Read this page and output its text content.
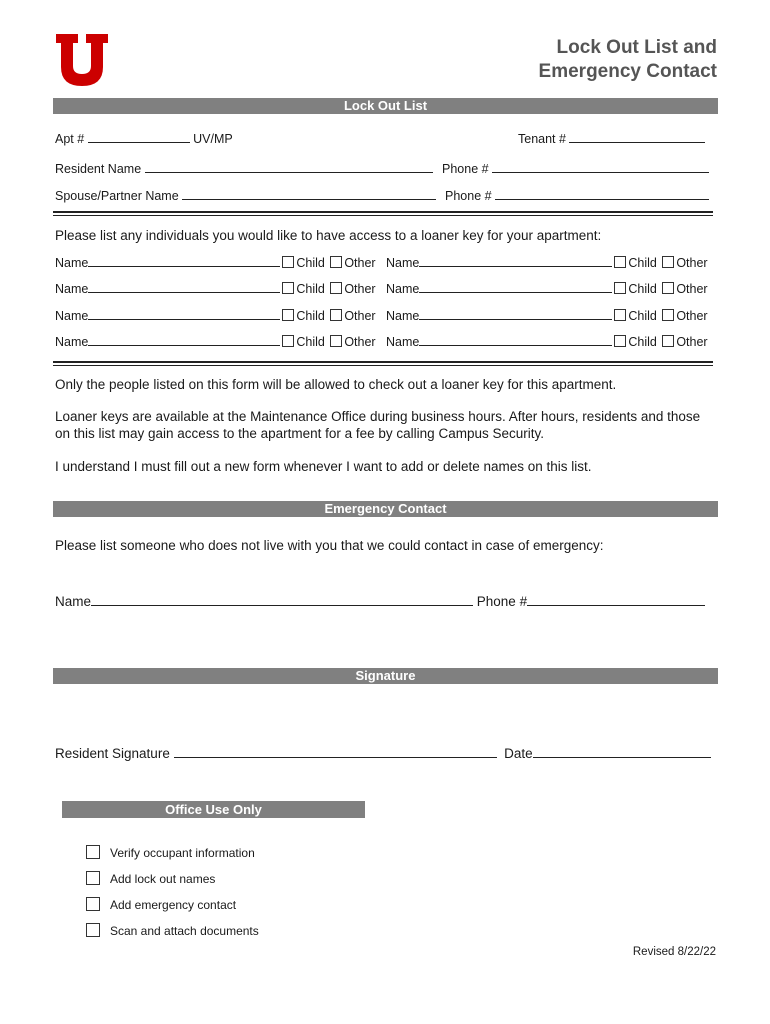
Lock Out List and
Emergency Contact
Lock Out List
Apt #	UV/MP	Tenant #
Resident Name	Phone #
Spouse/Partner Name	Phone #
Please list any individuals you would like to have access to a loaner key for your apartment:
Name	Child Other Name	Child Other
Name	Child Other Name	Child Other
Name	Child Other Name	Child Other
Name	Child Other Name	Child Other
Only the people listed on this form will be allowed to check out a loaner key for this apartment.
Loaner keys are available at the Maintenance Office during business hours. After hours, residents and those on this list may gain access to the apartment for a fee by calling Campus Security.
I understand I must fill out a new form whenever I want to add or delete names on this list.
Emergency Contact
Please list someone who does not live with you that we could contact in case of emergency:
Name	Phone #
Signature
Resident Signature	Date
Office Use Only
Verify occupant information
Add lock out names
Add emergency contact
Scan and attach documents
Revised 8/22/22
